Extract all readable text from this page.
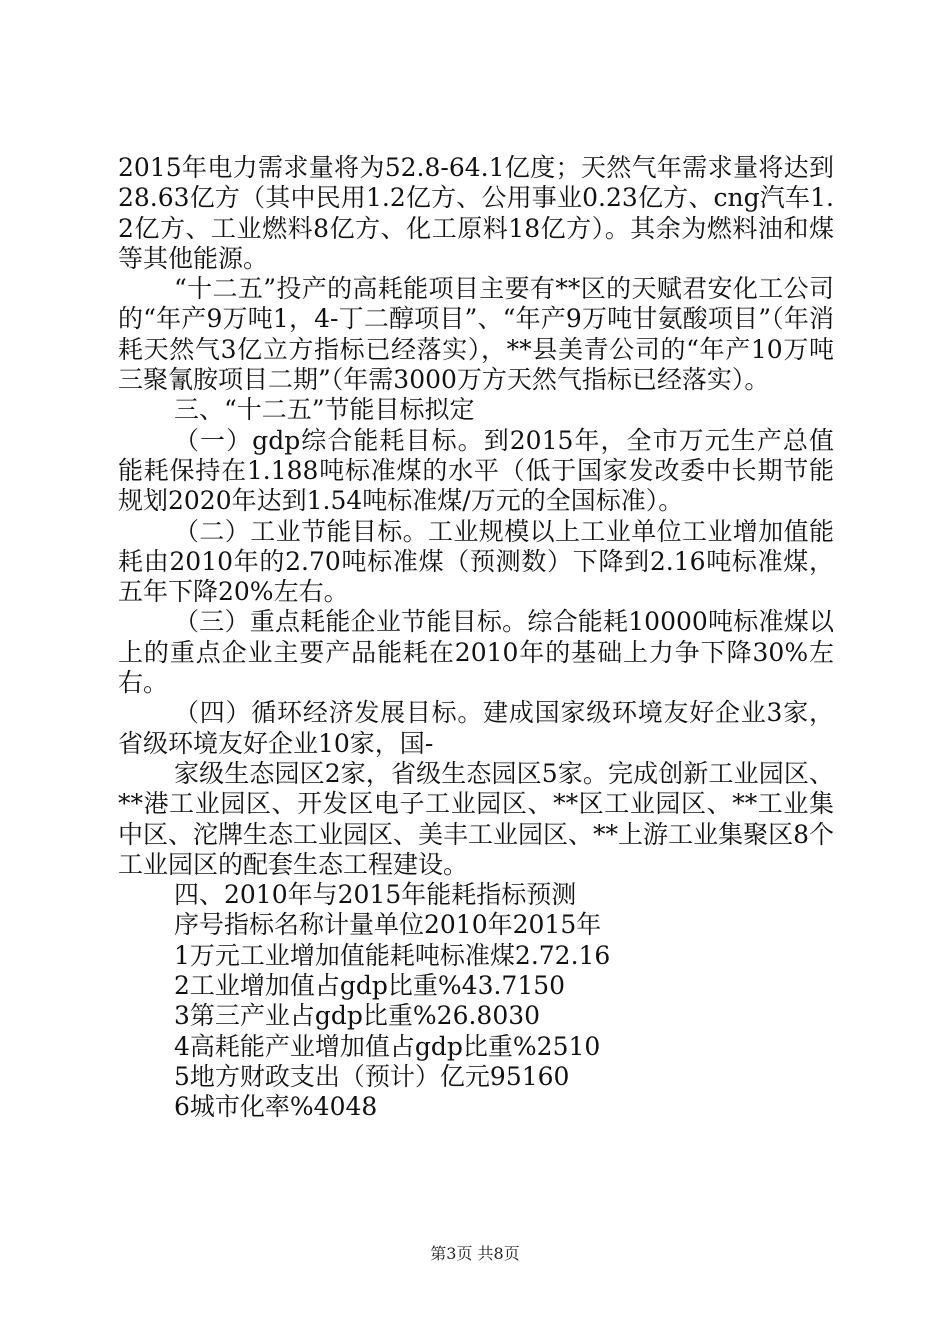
2015年电力需求量将为52.8-64.1亿度；天然气年需求量将达到28.63亿方（其中民用1.2亿方、公用事业0.23亿方、cng汽车1.2亿方、工业燃料8亿方、化工原料18亿方）。其余为燃料油和煤等其他能源。

“十二五”投产的高耗能项目主要有**区的天赋君安化工公司的“年产9万吨1，4-丁二醇项目”、“年产9万吨甘氨酸项目”（年消耗天然气3亿立方指标已经落实），**县美青公司的“年产10万吨三聚氰胺项目二期”（年需3000万方天然气指标已经落实）。

三、“十二五”节能目标拟定

（一）gdp综合能耗目标。到2015年，全市万元生产总值能耗保持在1.188吨标准煤的水平（低于国家发改委中长期节能规划2020年达到1.54吨标准煤/万元的全国标准）。

（二）工业节能目标。工业规模以上工业单位工业增加值能耗由2010年的2.70吨标准煤（预测数）下降到2.16吨标准煤，五年下降20%左右。

（三）重点耗能企业节能目标。综合能耗10000吨标准煤以上的重点企业主要产品能耗在2010年的基础上力争下降30%左右。

（四）循环经济发展目标。建成国家级环境友好企业3家，省级环境友好企业10家，国-

家级生态园区2家，省级生态园区5家。完成创新工业园区、**港工业园区、开发区电子工业园区、**区工业园区、**工业集中区、沱牌生态工业园区、美丰工业园区、**上游工业集聚区8个工业园区的配套生态工程建设。

四、2010年与2015年能耗指标预测

序号指标名称计量单位2010年2015年

1万元工业增加值能耗吨标准煤2.72.16

2工业增加值占gdp比重%43.7150

3第三产业占gdp比重%26.8030

4高耗能产业增加值占gdp比重%2510

5地方财政支出（预计）亿元95160

6城市化率%4048

第3页 共8页
